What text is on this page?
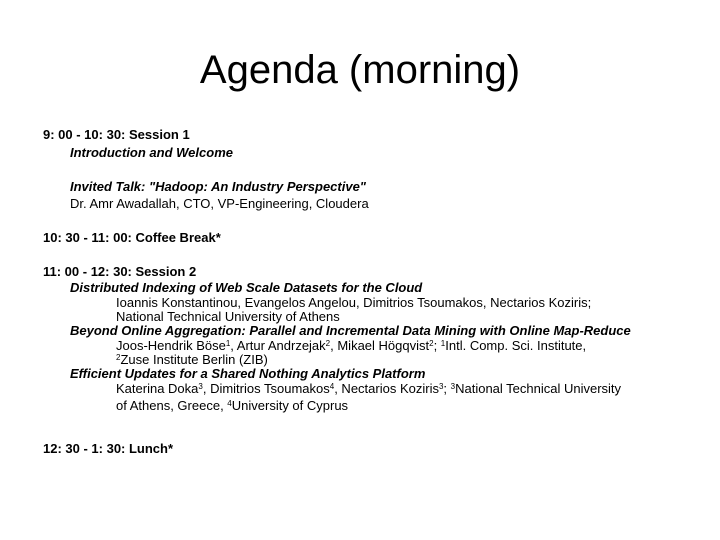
Agenda (morning)
9: 00 - 10: 30: Session 1
Introduction and Welcome
Invited Talk: "Hadoop: An Industry Perspective"
Dr. Amr Awadallah, CTO, VP-Engineering, Cloudera
10: 30 - 11: 00: Coffee Break*
11: 00 - 12: 30: Session 2
Distributed Indexing of Web Scale Datasets for the Cloud
Ioannis Konstantinou, Evangelos Angelou, Dimitrios Tsoumakos, Nectarios Koziris;
National Technical University of Athens
Beyond Online Aggregation: Parallel and Incremental Data Mining with Online Map-Reduce
Joos-Hendrik Böse$^1$, Artur Andrzejak$^2$, Mikael Högqvist$^2$; $^1$Intl. Comp. Sci. Institute,
$^2$Zuse Institute Berlin (ZIB)
Efficient Updates for a Shared Nothing Analytics Platform
Katerina Doka$^3$, Dimitrios Tsoumakos$^4$, Nectarios Koziris$^3$; $^3$National Technical University
of Athens, Greece, $^4$University of Cyprus
12: 30 - 1: 30: Lunch*
